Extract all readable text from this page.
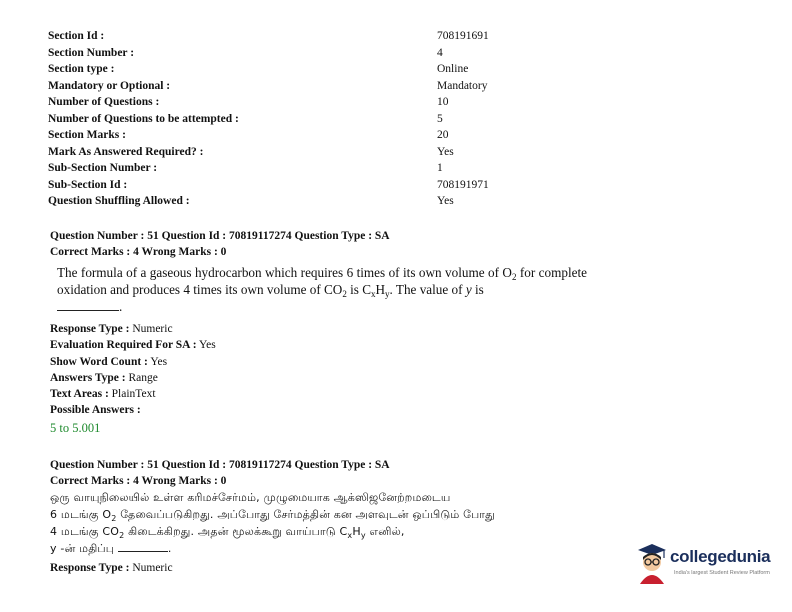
Section Id :	708191691
Section Number :	4
Section type :	Online
Mandatory or Optional :	Mandatory
Number of Questions :	10
Number of Questions to be attempted :	5
Section Marks :	20
Mark As Answered Required? :	Yes
Sub-Section Number :	1
Sub-Section Id :	708191971
Question Shuffling Allowed :	Yes
Question Number : 51 Question Id : 70819117274 Question Type : SA
Correct Marks : 4 Wrong Marks : 0
The formula of a gaseous hydrocarbon which requires 6 times of its own volume of $O_2$ for complete oxidation and produces 4 times its own volume of $CO_2$ is $C_xH_y$. The value of y is
.
Response Type : Numeric
Evaluation Required For SA : Yes
Show Word Count : Yes
Answers Type : Range
Text Areas : PlainText
Possible Answers :
5 to 5.001
Question Number : 51 Question Id : 70819117274 Question Type : SA
Correct Marks : 4 Wrong Marks : 0
ஒரு வாயுநிலையில் உள்ள கரிமச்சேர்மம், முழுமையாக ஆக்ஸிஜனேற்றமடைய
6 மடங்கு $O_2$ தேவைப்படுகிறது. அப்போது சேர்மத்தின் கன அளவுடன் ஒப்பிடும் போது
4 மடங்கு $CO_2$ கிடைக்கிறது. அதன் மூலக்கூறு வாய்பாடு $C_xH_y$ எனில்,
y -ன் மதிப்பு	.
Response Type : Numeric
collegedunia
India's largest Student Review Platform
